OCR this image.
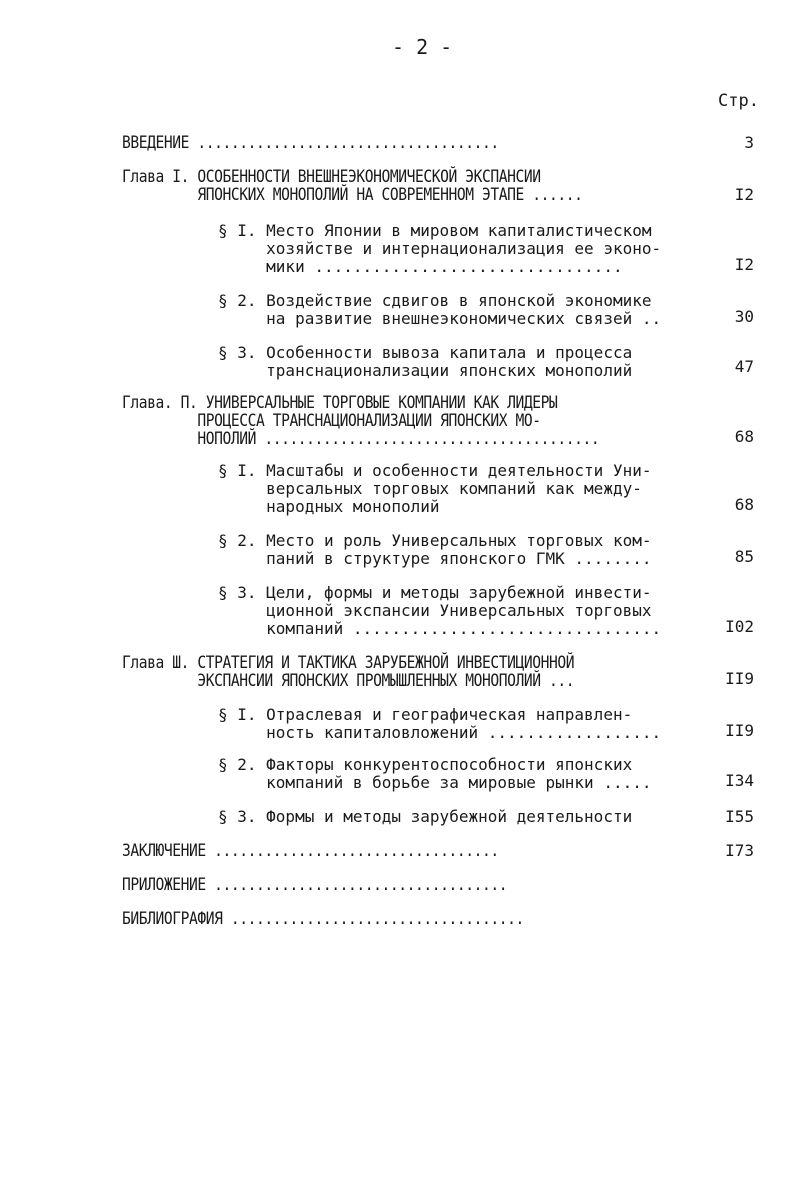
- 2 -
Стр.
ВВЕДЕНИЕ ....................................	3
Глава I. ОСОБЕННОСТИ ВНЕШНЕЭКОНОМИЧЕСКОЙ ЭКСПАНСИИ
ЯПОНСКИХ МОНОПОЛИЙ НА СОВРЕМЕННОМ ЭТАПЕ ......	I2
§ I. Место Японии в мировом капиталистическом
хозяйстве и интернационализация ее эконо-
мики ................................	I2
§ 2. Воздействие сдвигов в японской экономике
на развитие внешнеэкономических связей ..	30
§ 3. Особенности вывоза капитала и процесса
транснационализации японских монополий	47
Глава. П. УНИВЕРСАЛЬНЫЕ ТОРГОВЫЕ КОМПАНИИ КАК ЛИДЕРЫ
ПРОЦЕССА ТРАНСНАЦИОНАЛИЗАЦИИ ЯПОНСКИХ МО-
НОПОЛИЙ ........................................	68
§ I. Масштабы и особенности деятельности Уни-
версальных торговых компаний как между-
народных монополий	68
§ 2. Место и роль Универсальных торговых ком-
паний в структуре японского ГМК ........	85
§ 3. Цели, формы и методы зарубежной инвести-
ционной экспансии Универсальных торговых
компаний ................................	I02
Глава Ш. СТРАТЕГИЯ И ТАКТИКА ЗАРУБЕЖНОЙ ИНВЕСТИЦИОННОЙ
ЭКСПАНСИИ ЯПОНСКИХ ПРОМЫШЛЕННЫХ МОНОПОЛИЙ ...	II9
§ I. Отраслевая и географическая направлен-
ность капиталовложений ..................	II9
§ 2. Факторы конкурентоспособности японских
компаний в борьбе за мировые рынки .....	I34
§ 3. Формы и методы зарубежной деятельности	I55
ЗАКЛЮЧЕНИЕ ..................................	I73
ПРИЛОЖЕНИЕ ...................................
БИБЛИОГРАФИЯ ...................................
